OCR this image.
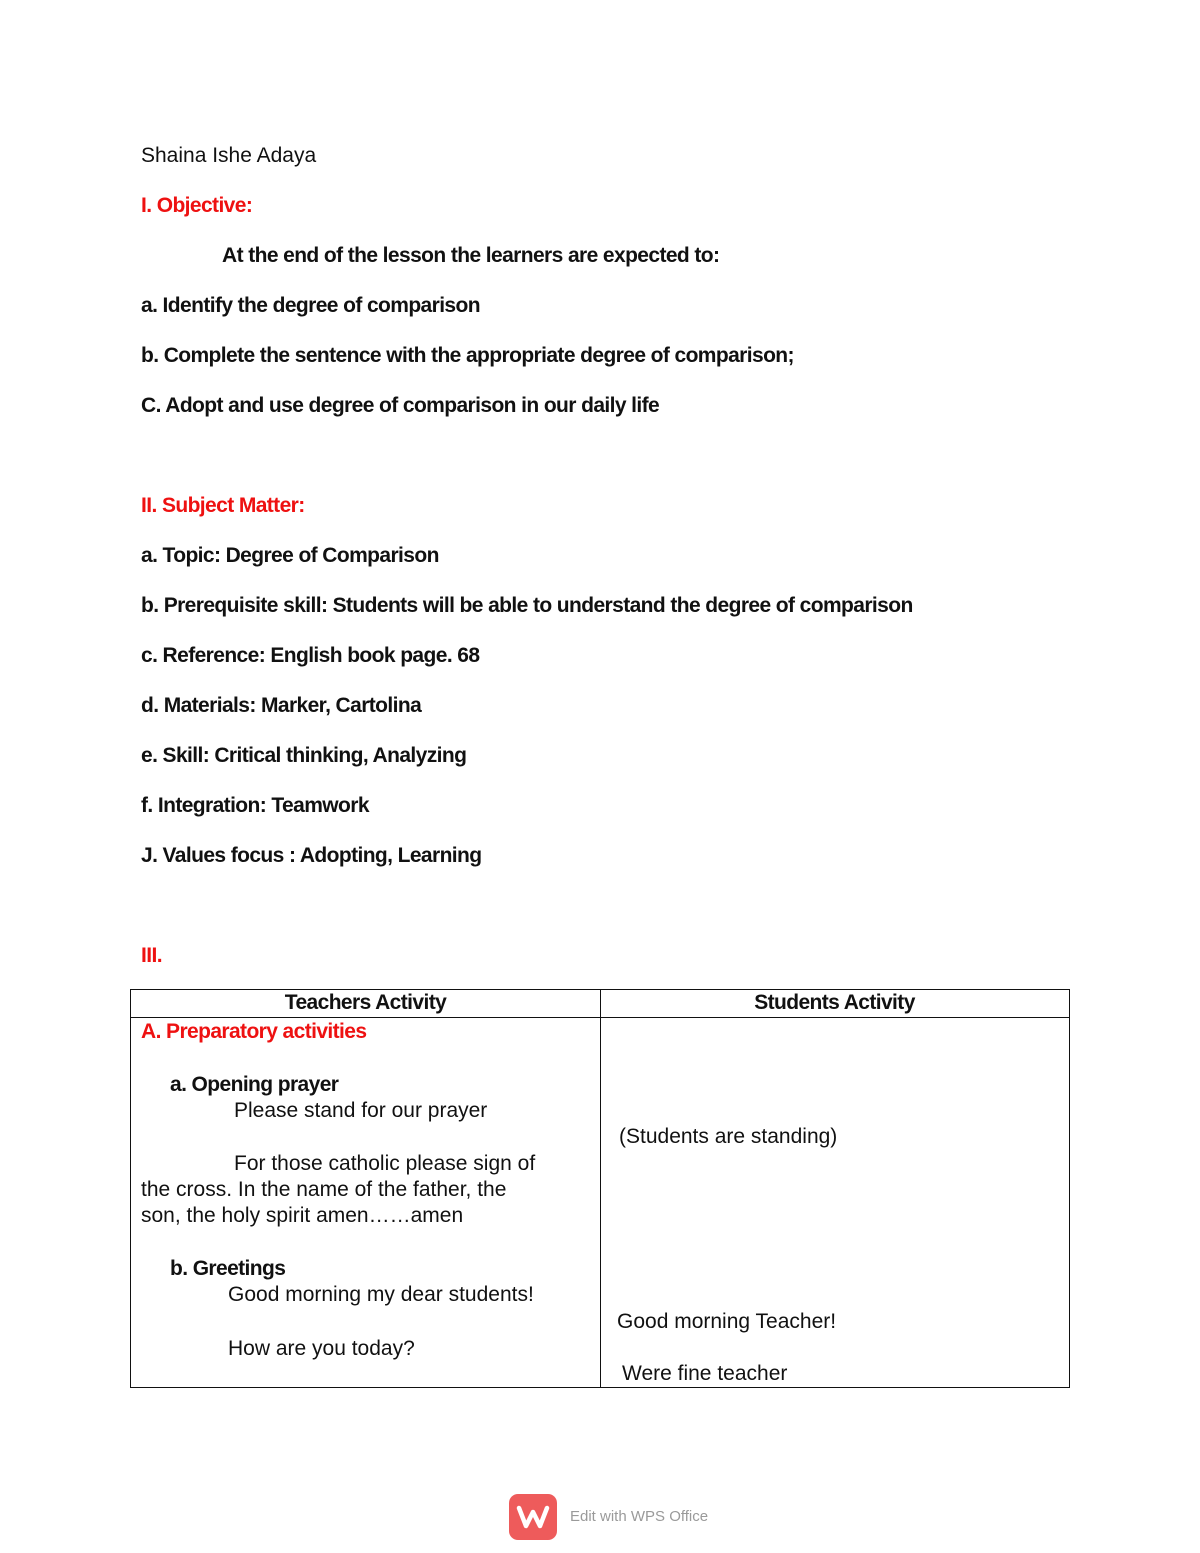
Shaina Ishe Adaya
I. Objective:
At the end of the lesson the learners are expected to:
a. Identify the degree of comparison
b. Complete the sentence with the appropriate degree of comparison;
C. Adopt and use degree of comparison in our daily life
II. Subject Matter:
a. Topic: Degree of Comparison
b. Prerequisite skill: Students will be able to understand the degree of comparison
c. Reference: English book page. 68
d. Materials: Marker, Cartolina
e. Skill: Critical thinking, Analyzing
f. Integration: Teamwork
J. Values focus : Adopting, Learning
III.
Teachers Activity	Students Activity
A. Preparatory activities
a. Opening prayer
Please stand for our prayer
For those catholic please sign of
the cross. In the name of the father, the
son, the holy spirit amen……amen
b. Greetings
Good morning my dear students!
How are you today?
(Students are standing)
Good morning Teacher!
Were fine teacher
Edit with WPS Office
